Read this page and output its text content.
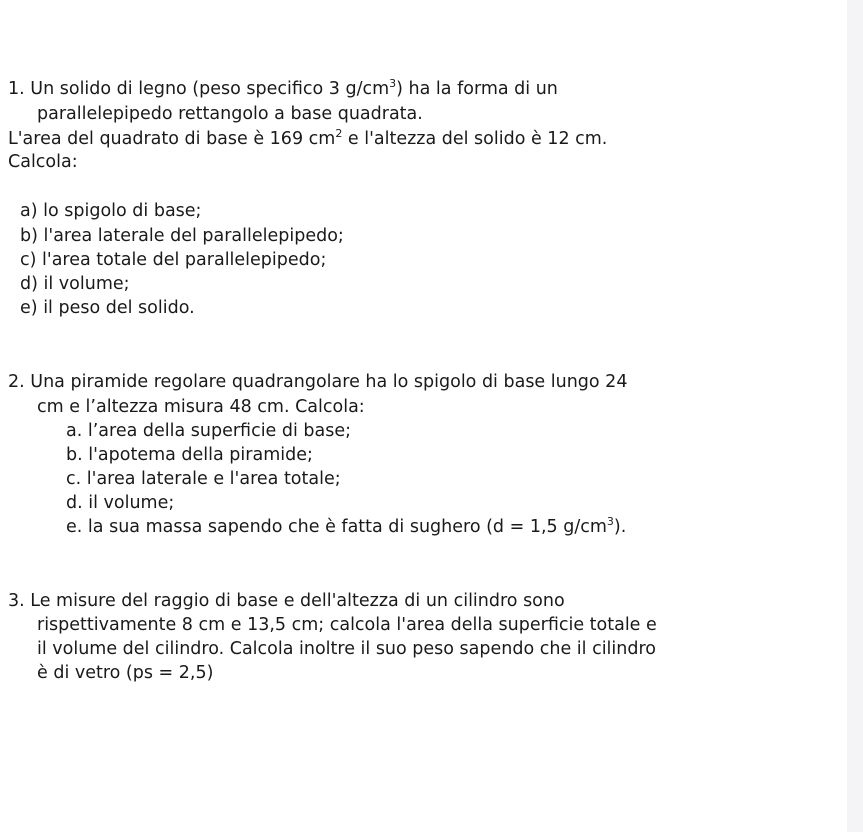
1. Un solido di legno (peso specifico 3 $g/cm^3$) ha la forma di un
parallelepipedo rettangolo a base quadrata.
L'area del quadrato di base è 169 $cm^2$ e l'altezza del solido è 12 cm.
Calcola:
a) lo spigolo di base;
b) l'area laterale del parallelepipedo;
c) l'area totale del parallelepipedo;
d) il volume;
e) il peso del solido.
2. Una piramide regolare quadrangolare ha lo spigolo di base lungo 24
cm e l’altezza misura 48 cm. Calcola:
a. l’area della superficie di base;
b. l'apotema della piramide;
c. l'area laterale e l'area totale;
d. il volume;
e. la sua massa sapendo che è fatta di sughero (d = 1,5 $g/cm^3$).
3. Le misure del raggio di base e dell'altezza di un cilindro sono
rispettivamente 8 cm e 13,5 cm; calcola l'area della superficie totale e
il volume del cilindro. Calcola inoltre il suo peso sapendo che il cilindro
è di vetro (ps = 2,5)
